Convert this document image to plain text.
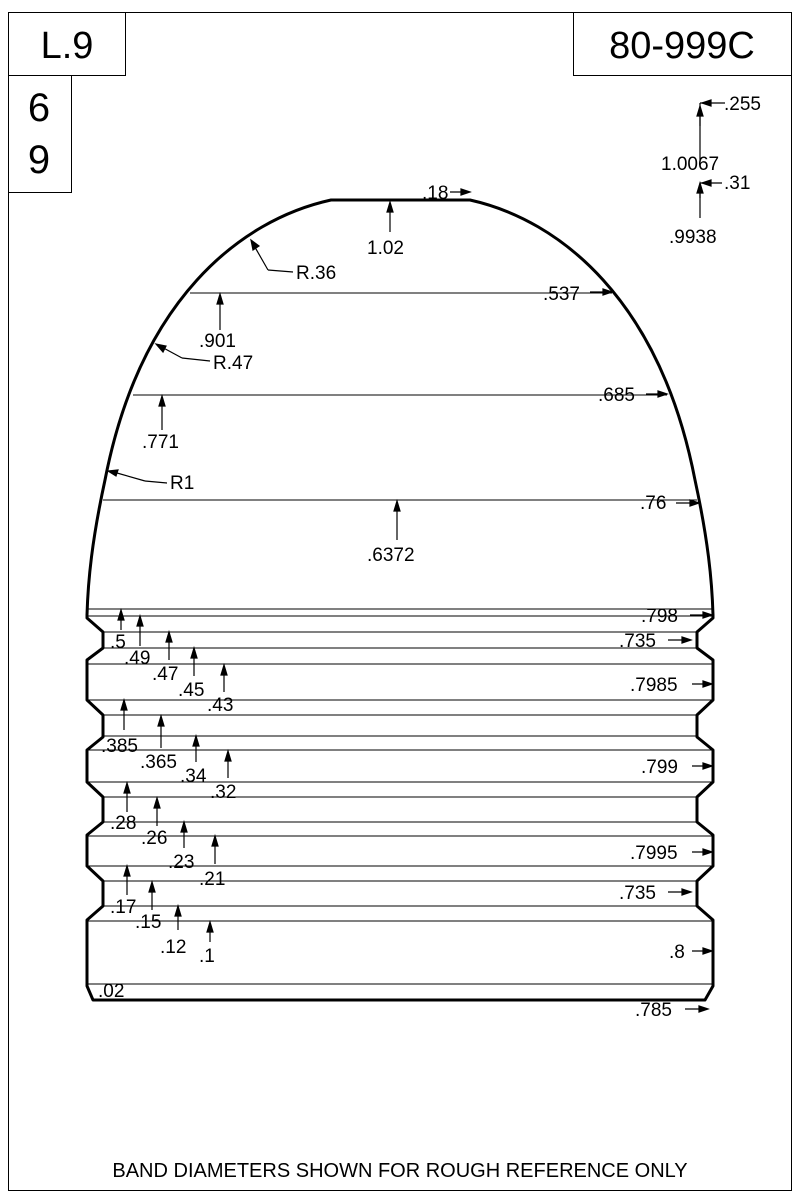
L.9	80-999C
6
9
.18
1.02
R.36
.901
R.47
.771
R1
.6372
.537
.685
.76
.255
1.0067
.31
.9938
.798
.735
.7985
.799
.7995
.735
.8
.785
.5
.49
.47
.45
.43
.385
.365
.34
.32
.28
.26
.23
.21
.17
.15
.12 .1
.02
BAND DIAMETERS SHOWN FOR ROUGH REFERENCE ONLY
